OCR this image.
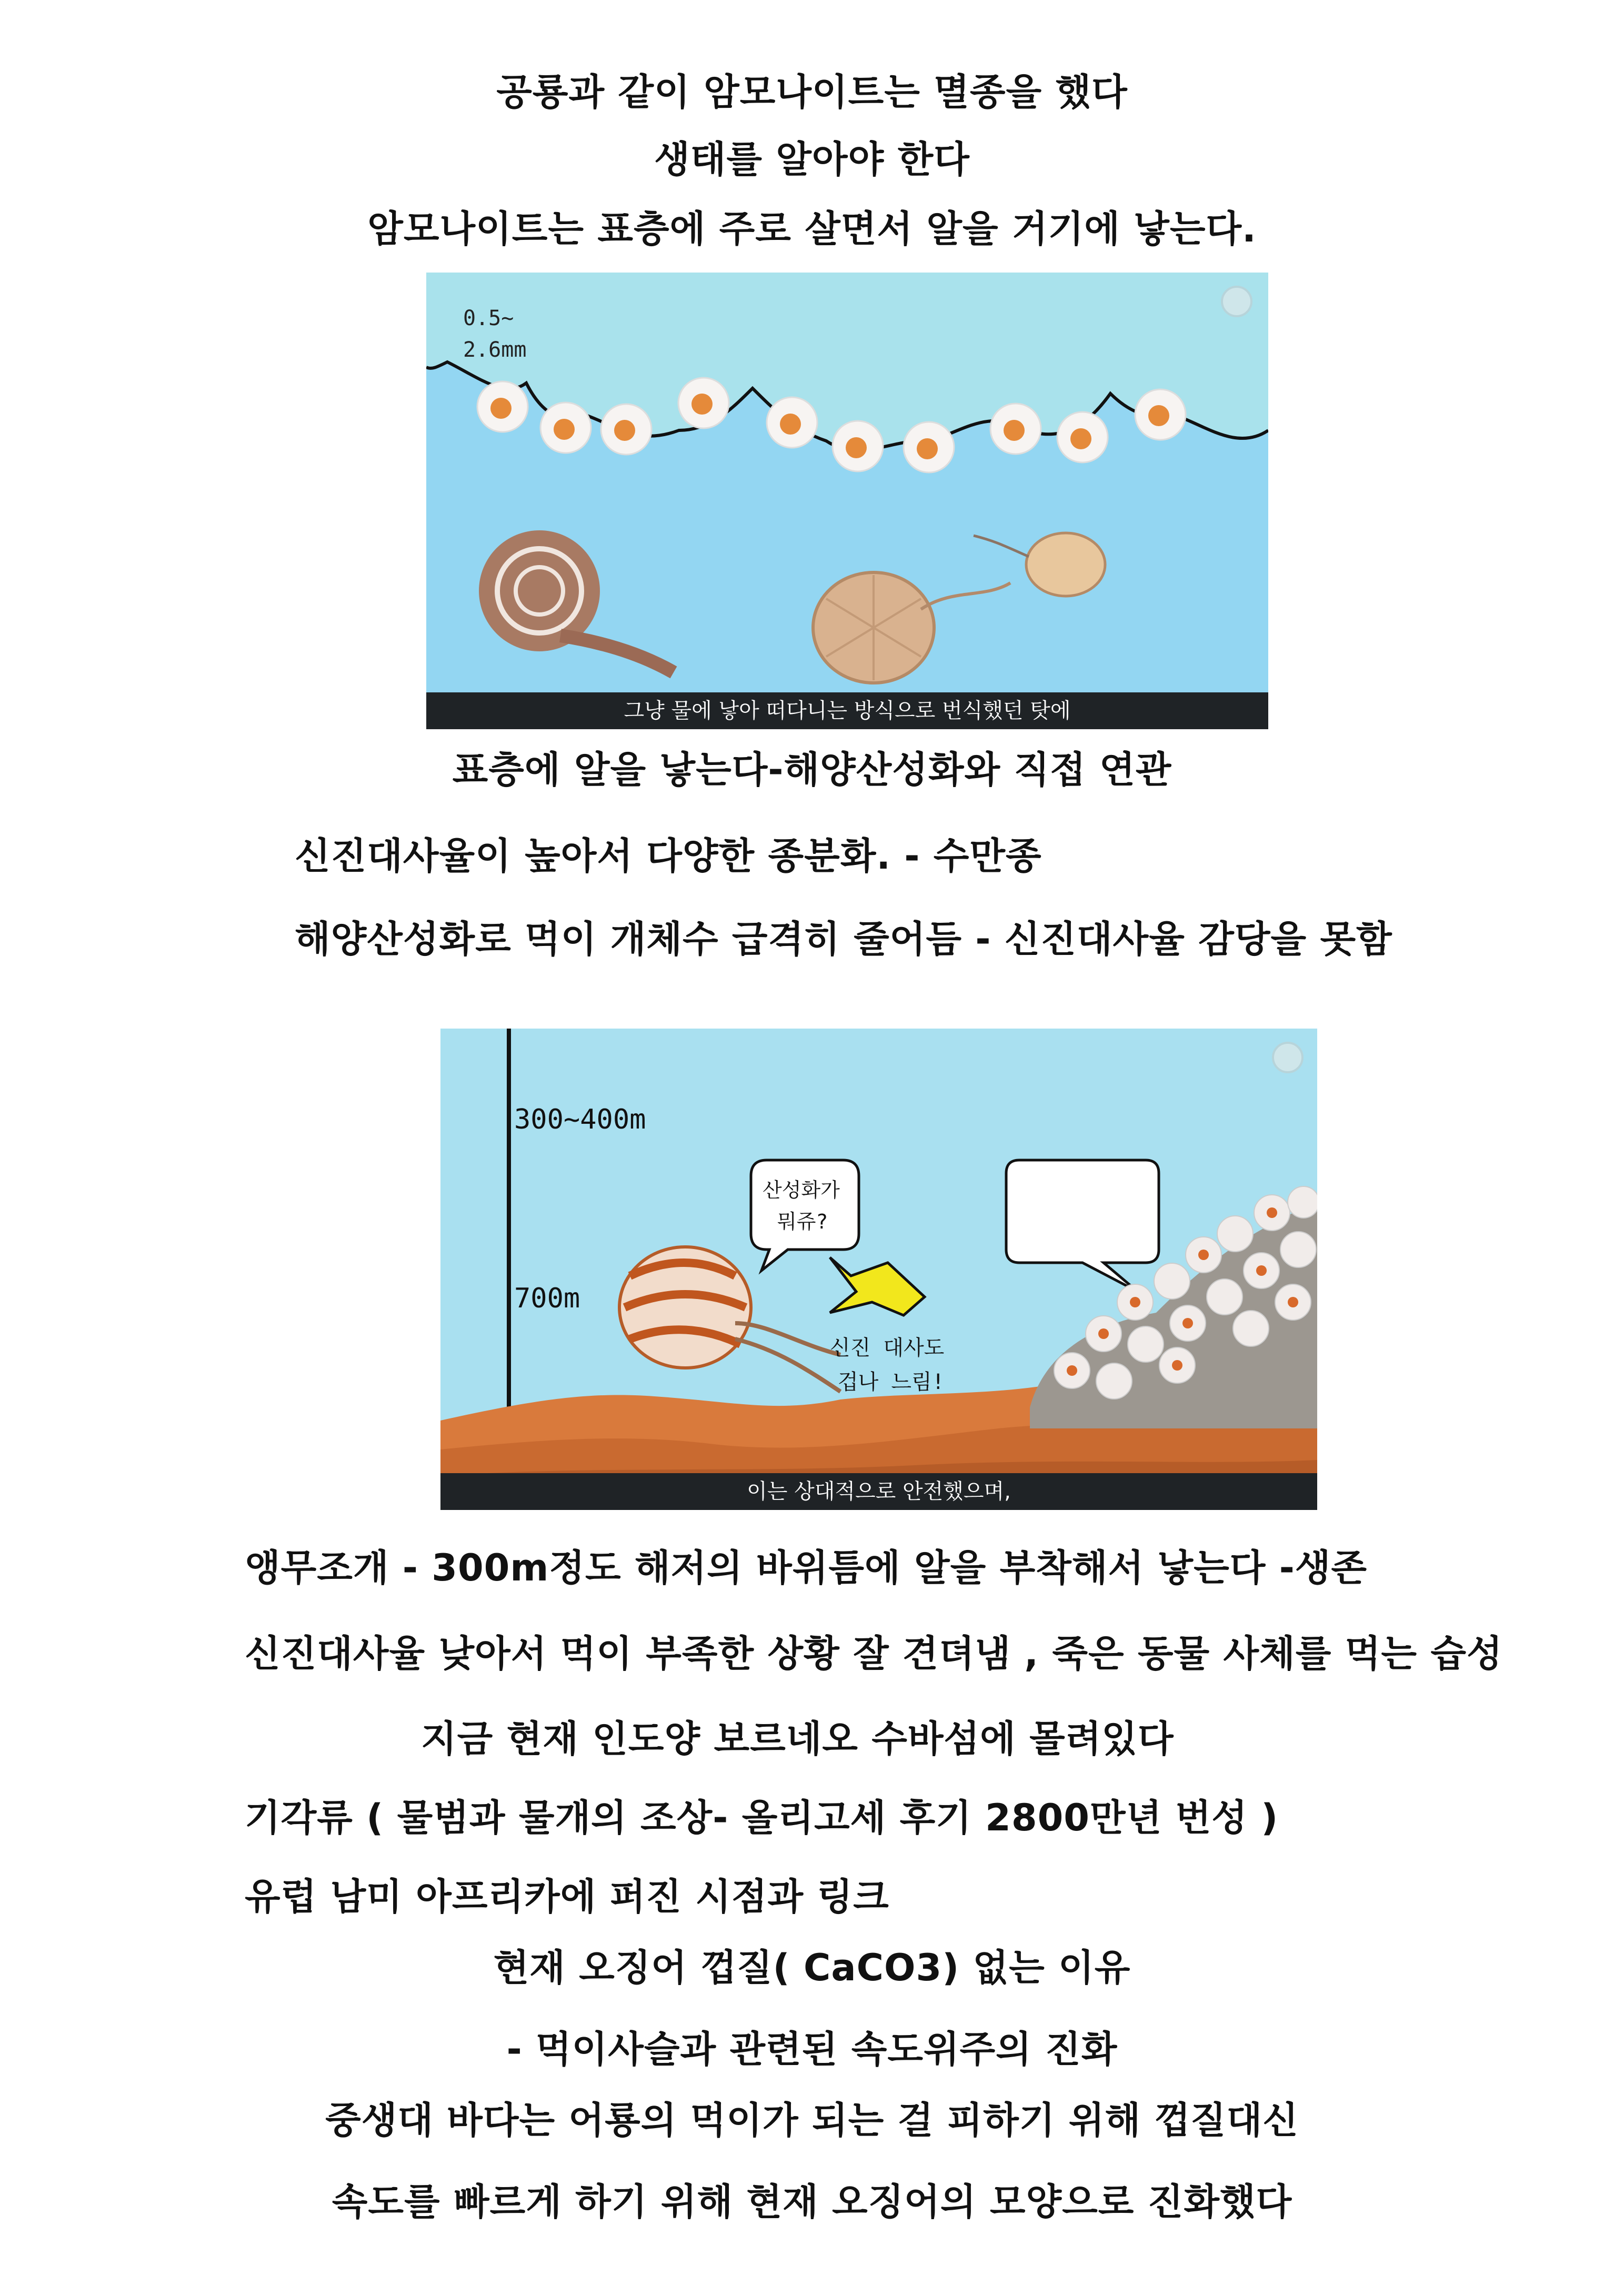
공룡과 같이 암모나이트는 멸종을 했다
생태를 알아야 한다
암모나이트는 표층에 주로 살면서 알을 거기에 낳는다.
0.5~
2.6mm
그냥 물에 낳아 떠다니는 방식으로 번식했던 탓에
표층에 알을 낳는다-해양산성화와 직접 연관
신진대사율이 높아서 다양한 종분화. - 수만종
해양산성화로 먹이 개체수 급격히 줄어듬 - 신진대사율 감당을 못함
300~400m
700m
산성화가
뭐쥬?
신진 대사도
겁나 느림!
이는 상대적으로 안전했으며,
앵무조개 - 300m정도 해저의 바위틈에 알을 부착해서 낳는다 -생존
신진대사율 낮아서 먹이 부족한 상황 잘 견뎌냄 , 죽은 동물 사체를 먹는 습성
지금 현재 인도양 보르네오 수바섬에 몰려있다
기각류 ( 물범과 물개의 조상- 올리고세 후기 2800만년 번성 )
유럽 남미 아프리카에 퍼진 시점과 링크
현재 오징어 껍질( CaCO3) 없는 이유
- 먹이사슬과 관련된 속도위주의 진화
중생대 바다는 어룡의 먹이가 되는 걸 피하기 위해 껍질대신
속도를 빠르게 하기 위해 현재 오징어의 모양으로 진화했다
